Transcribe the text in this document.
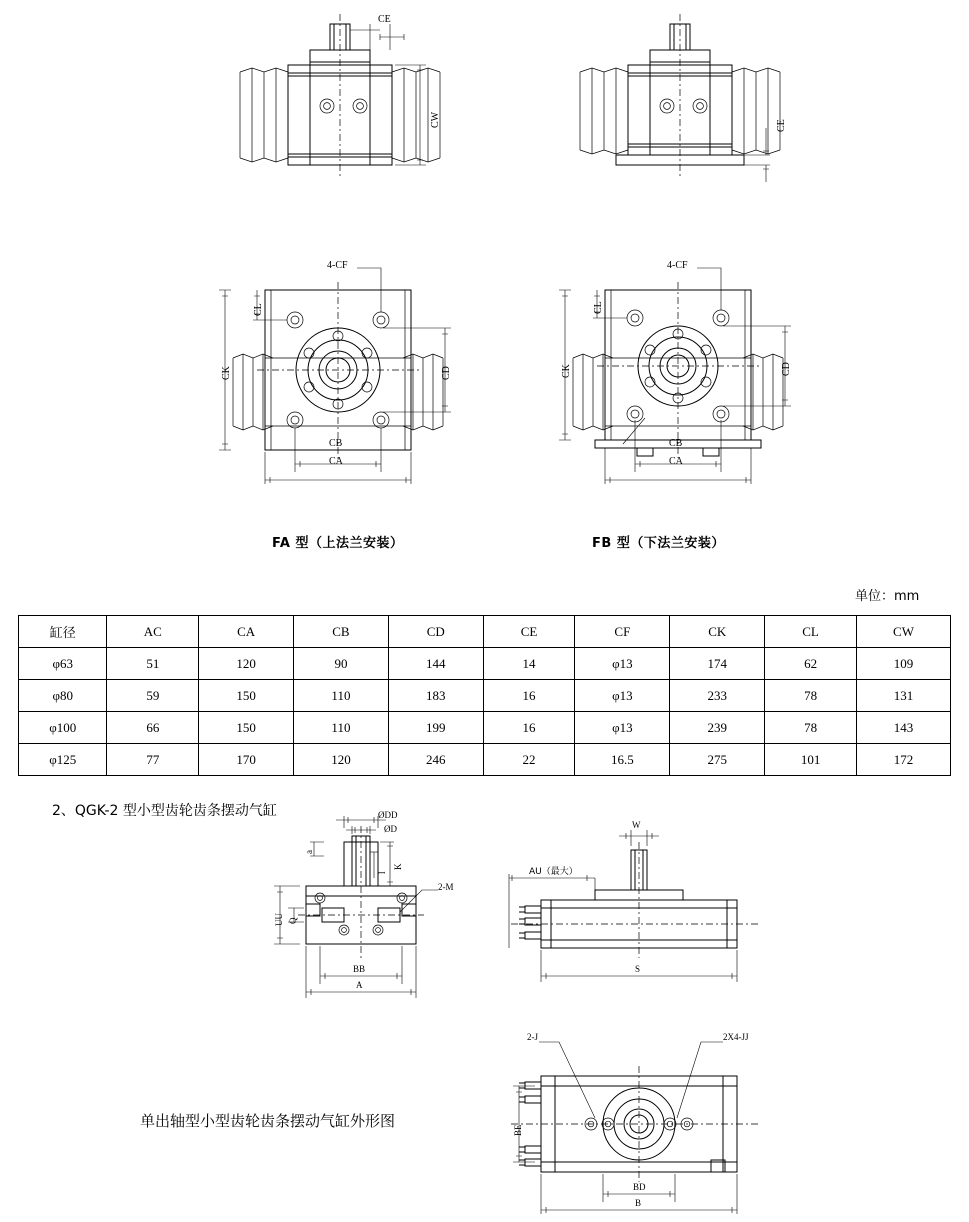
CE
CW	CE
4-CF
CL
CK	CD
CB
CA
4-CF
CL
CK	CD
CB
CA
FA 型（上法兰安装）	FB 型（下法兰安装）
单位：mm
缸径	AC	CA	CB	CD	CE	CF	CK	CL	CW
φ63	51	120	90	144	14	φ13	174	62	109
φ80	59	150	110	183	16	φ13	233	78	131
φ100	66	150	110	199	16	φ13	239	78	143
φ125	77	170	120	246	22	16.5	275	101	172
2、QGK-2 型小型齿轮齿条摆动气缸	ØDD
ØD
a
K
l
2-M
UU Q
BB
A
W
AU（最大）
S
2-J	2X4-JJ
BE
BD
B
单出轴型小型齿轮齿条摆动气缸外形图
